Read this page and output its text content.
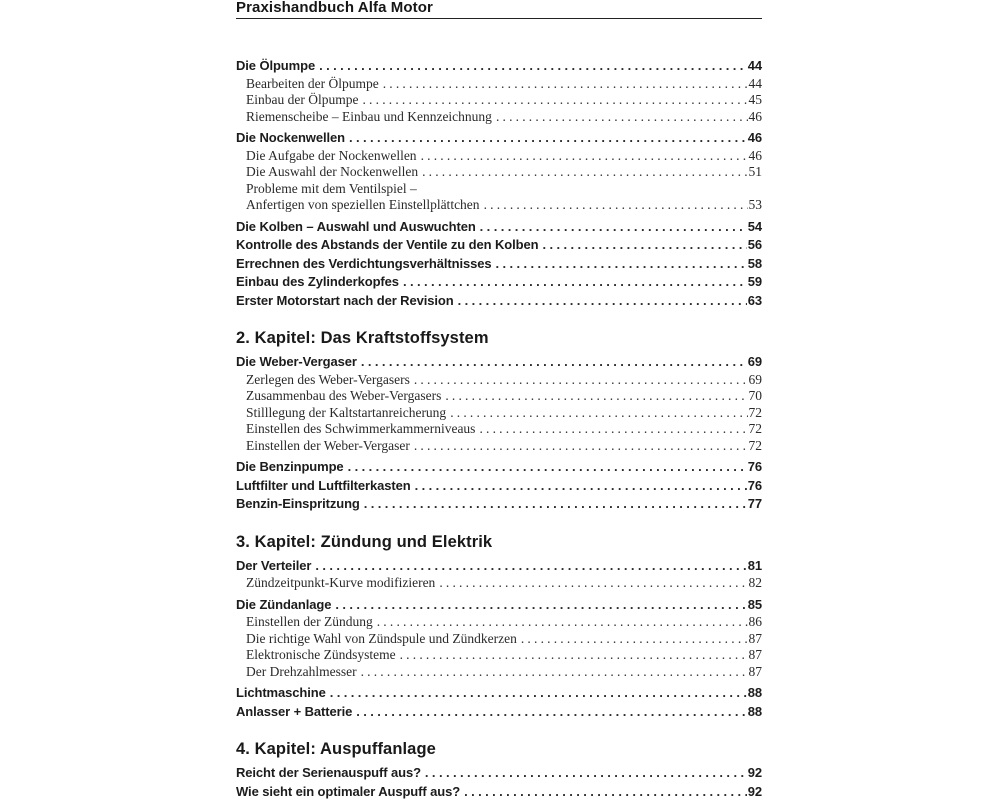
Praxishandbuch Alfa Motor
Die Ölpumpe .....	44
Bearbeiten der Ölpumpe .....	44
Einbau der Ölpumpe .....	45
Riemenscheibe – Einbau und Kennzeichnung .....	46
Die Nockenwellen .....	46
Die Aufgabe der Nockenwellen .....	46
Die Auswahl der Nockenwellen .....	51
Probleme mit dem Ventilspiel –
Anfertigen von speziellen Einstellplättchen .....	53
Die Kolben – Auswahl und Auswuchten .....	54
Kontrolle des Abstands der Ventile zu den Kolben .....	56
Errechnen des Verdichtungsverhältnisses .....	58
Einbau des Zylinderkopfes .....	59
Erster Motorstart nach der Revision .....	63
2. Kapitel: Das Kraftstoffsystem
Die Weber-Vergaser .....	69
Zerlegen des Weber-Vergasers .....	69
Zusammenbau des Weber-Vergasers .....	70
Stilllegung der Kaltstartanreicherung .....	72
Einstellen des Schwimmerkammerniveaus .....	72
Einstellen der Weber-Vergaser .....	72
Die Benzinpumpe .....	76
Luftfilter und Luftfilterkasten .....	76
Benzin-Einspritzung .....	77
3. Kapitel: Zündung und Elektrik
Der Verteiler .....	81
Zündzeitpunkt-Kurve modifizieren .....	82
Die Zündanlage .....	85
Einstellen der Zündung .....	86
Die richtige Wahl von Zündspule und Zündkerzen .....	87
Elektronische Zündsysteme .....	87
Der Drehzahlmesser .....	87
Lichtmaschine .....	88
Anlasser + Batterie .....	88
4. Kapitel: Auspuffanlage
Reicht der Serienauspuff aus? .....	92
Wie sieht ein optimaler Auspuff aus? .....	92
